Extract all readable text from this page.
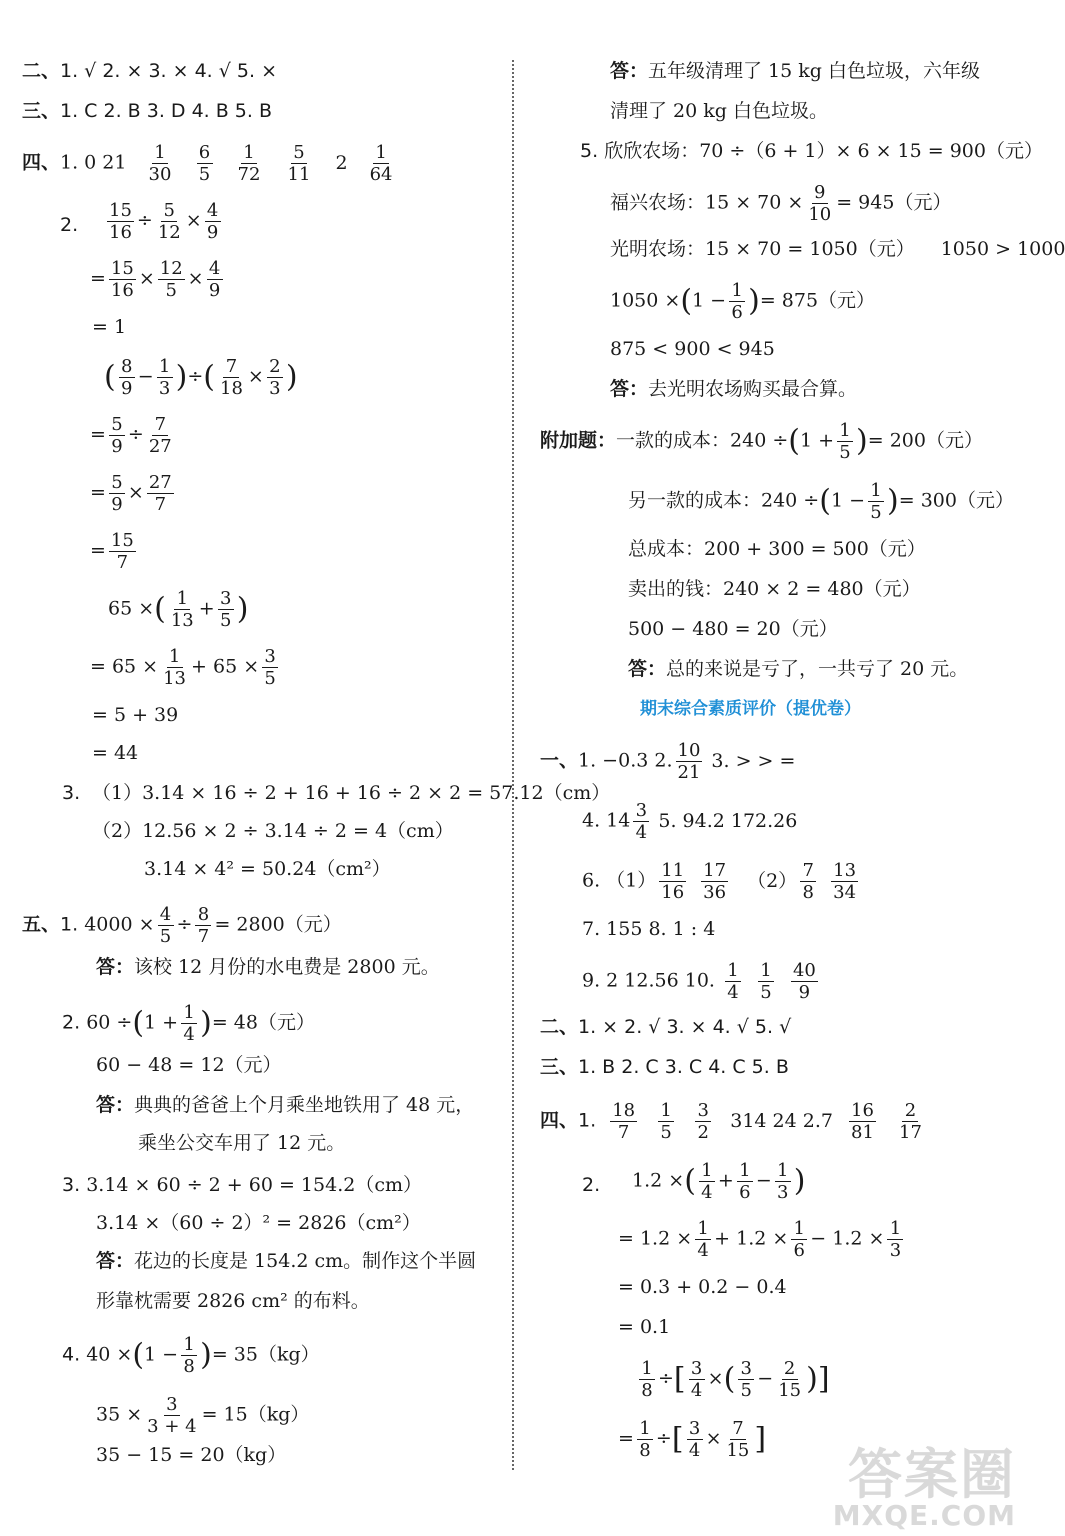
二、1. √ 2. × 3. × 4. √ 5. ×
三、1. C 2. B 3. D 4. B 5. B
四、1. 0 $21 \frac{1}{30}$
$\frac{6}{5}$
$\frac{1}{72}$
$\frac{5}{11} 2 \frac{1}{64}$
2. $\frac{15}{16} \div \frac{5}{12} \times \frac{4}{9}$
= $\frac{15}{16} \times \frac{12}{5} \times \frac{4}{9}$
= 1
( $\frac{8}{9} - \frac{1}{3}$ )÷( $\frac{7}{18} \times \frac{2}{3}$ )
= $\frac{5}{9} \div \frac{7}{27}$
= $\frac{5}{9} \times \frac{27}{7}$
= $\frac{15}{7}$
65 ×( $\frac{1}{13} + \frac{3}{5}$ )
= $65 \times \frac{1}{13} + 65 \times \frac{3}{5}$
= 5 + 39
= 44
3. （1）3.14 × 16 ÷ 2 + 16 + 16 ÷ 2 × 2 = 57.12（cm）
（2）12.56 × 2 ÷ 3.14 ÷ 2 = 4（cm）
3.14 × 4² = 50.24（cm²）
五、1. $4000 \times \frac{4}{5} \div \frac{8}{7} = 2800$（元）
答：该校 12 月份的水电费是 2800 元。
2. $60 \div(1 + \frac{1}{4}$ )= 48（元）
60 − 48 = 12（元）
答：典典的爸爸上个月乘坐地铁用了 48 元，
乘坐公交车用了 12 元。
3. 3.14 × 60 ÷ 2 + 60 = 154.2（cm）
3.14 ×（60 ÷ 2）² = 2826（cm²）
答：花边的长度是 154.2 cm。制作这个半圆
形靠枕需要 2826 cm² 的布料。
4. $40 \times(1 - \frac{1}{8}$ )= 35（kg）
$35 \times \frac{3}{3 + 4} = 15(kg)$
35 − 15 = 20（kg）
答：五年级清理了 15 kg 白色垃圾，六年级
清理了 20 kg 白色垃圾。
5. 欣欣农场：70 ÷（6 + 1）× 6 × 15 = 900（元）
福兴农场：$15 \times 70 \times \frac{9}{10} = 945$（元）
光明农场：15 × 70 = 1050（元） 1050 > 1000
$1050 \times(1 - \frac{1}{6}$ )= 875（元）
875 < 900 < 945
答：去光明农场购买最合算。
附加题：一款的成本：$240 \div(1 + \frac{1}{5}$ )= 200（元）
另一款的成本：$240 \div(1 - \frac{1}{5}$ )= 300（元）
总成本：200 + 300 = 500（元）
卖出的钱：240 × 2 = 480（元）
500 − 480 = 20（元）
答：总的来说是亏了，一共亏了 20 元。
期末综合素质评价（提优卷）
一、1. −0.3 2. $\frac{10}{21} 3$. > > =
4. $14 \frac{3}{4} 5$. 94.2 172.26
6. $(1) \frac{11}{16} \frac{17}{36} (2) \frac{7}{8} \frac{13}{34}$
7. 155 8. 1 : 4
9. 2 12.56 10. $\frac{1}{4} \frac{1}{5} \frac{40}{9}$
二、1. × 2. √ 3. × 4. √ 5. √
三、1. B 2. C 3. C 4. C 5. B
四、1. $\frac{18}{7}$
$\frac{1}{5}$
$\frac{3}{2} 314$ 24 $2.7 \frac{16}{81}$
$\frac{2}{17}$
2. 1.2 ×( $\frac{1}{4} + \frac{1}{6} - \frac{1}{3}$ )
= $1.2 \times \frac{1}{4} + 1.2 \times \frac{1}{6} - 1.2 \times \frac{1}{3}$
= 0.3 + 0.2 − 0.4
= 0.1
$\frac{1}{8}$ ÷[ $\frac{3}{4}$ ×( $\frac{3}{5} - \frac{2}{15}$ )]
= $\frac{1}{8}$ ÷[ $\frac{3}{4} \times \frac{7}{15}$ ]
答案圈
MXQE.COM
